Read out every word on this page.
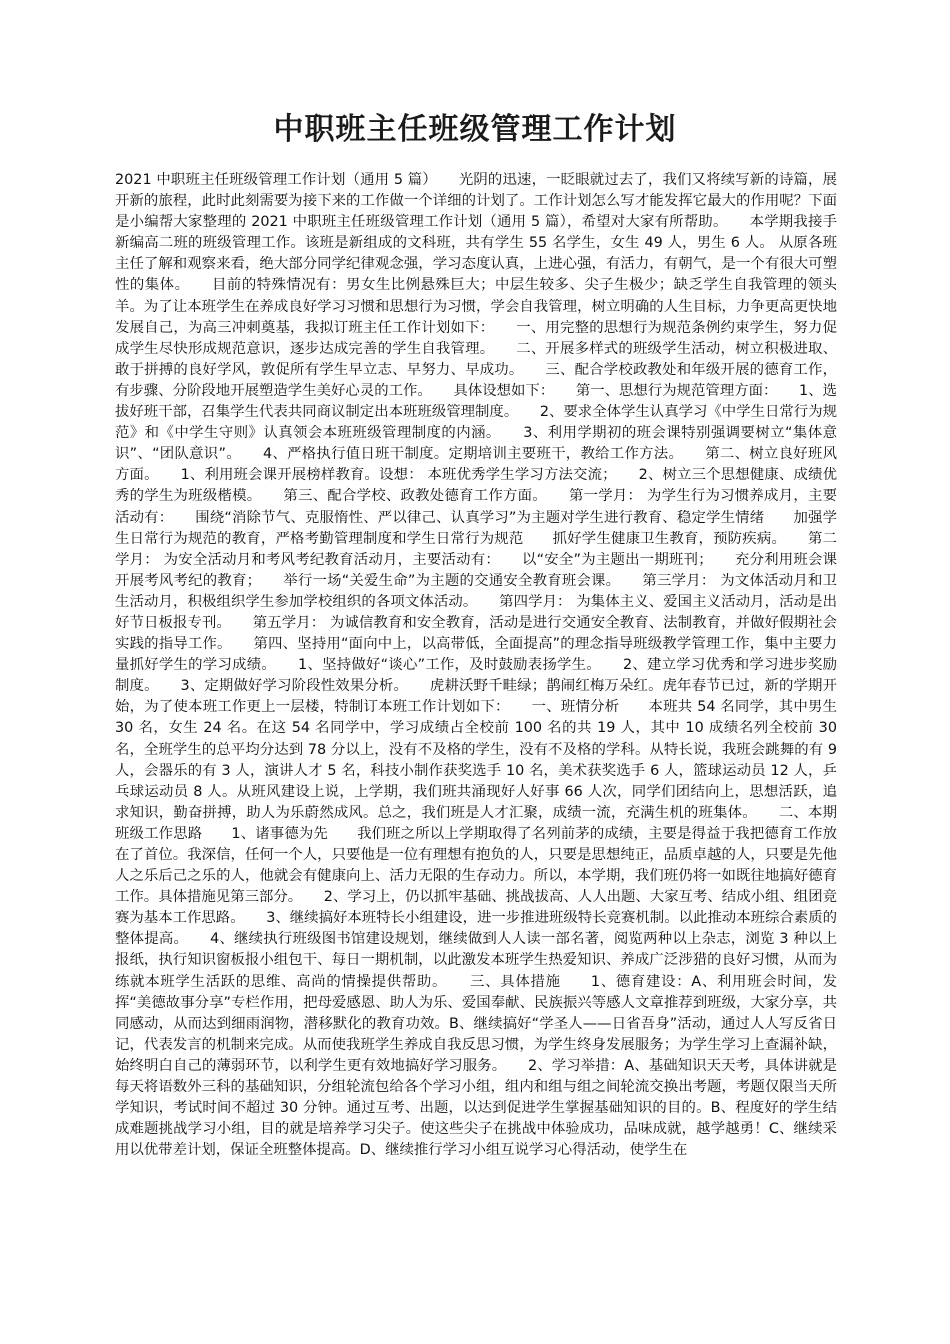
中职班主任班级管理工作计划
2021 中职班主任班级管理工作计划（通用 5 篇）　　光阴的迅速，一眨眼就过去了，我们又将续写新的诗篇，展开新的旅程，此时此刻需要为接下来的工作做一个详细的计划了。工作计划怎么写才能发挥它最大的作用呢？下面是小编帮大家整理的 2021 中职班主任班级管理工作计划（通用 5 篇），希望对大家有所帮助。　　本学期我接手新编高二班的班级管理工作。该班是新组成的文科班，共有学生 55 名学生，女生 49 人，男生 6 人。 从原各班主任了解和观察来看，绝大部分同学纪律观念强，学习态度认真，上进心强，有活力，有朝气，是一个有很大可塑性的集体。　　目前的特殊情况有：男女生比例悬殊巨大；中层生较多、尖子生极少；缺乏学生自我管理的领头羊。为了让本班学生在养成良好学习习惯和思想行为习惯，学会自我管理，树立明确的人生目标，力争更高更快地发展自己，为高三冲刺奠基，我拟订班主任工作计划如下：　　一、用完整的思想行为规范条例约束学生，努力促成学生尽快形成规范意识，逐步达成完善的学生自我管理。　　二、开展多样式的班级学生活动，树立积极进取、敢于拼搏的良好学风，敦促所有学生早立志、早努力、早成功。　　三、配合学校政教处和年级开展的德育工作，有步骤、分阶段地开展塑造学生美好心灵的工作。　　具体设想如下：　　第一、思想行为规范管理方面：　　1、选拔好班干部，召集学生代表共同商议制定出本班班级管理制度。　　2、要求全体学生认真学习《中学生日常行为规范》和《中学生守则》认真领会本班班级管理制度的内涵。　　3、利用学期初的班会课特别强调要树立“集体意识”、“团队意识”。　　4、严格执行值日班干制度。定期培训主要班干，教给工作方法。　　第二、树立良好班风方面。　　1、利用班会课开展榜样教育。设想： 本班优秀学生学习方法交流；　　2、树立三个思想健康、成绩优秀的学生为班级楷模。　　第三、配合学校、政教处德育工作方面。　　第一学月： 为学生行为习惯养成月，主要活动有：　　围绕“消除节气、克服惰性、严以律己、认真学习”为主题对学生进行教育、稳定学生情绪　　加强学生日常行为规范的教育，严格考勤管理制度和学生日常行为规范　　抓好学生健康卫生教育，预防疾病。　　第二学月： 为安全活动月和考风考纪教育活动月，主要活动有：　　以“安全”为主题出一期班刊；　　充分利用班会课开展考风考纪的教育；　　举行一场“关爱生命”为主题的交通安全教育班会课。　　第三学月： 为文体活动月和卫生活动月，积极组织学生参加学校组织的各项文体活动。　　第四学月： 为集体主义、爱国主义活动月，活动是出好节日板报专刊。　　第五学月： 为诚信教育和安全教育，活动是进行交通安全教育、法制教育，并做好假期社会实践的指导工作。　　第四、坚持用“面向中上，以高带低，全面提高”的理念指导班级教学管理工作，集中主要力量抓好学生的学习成绩。　　1、坚持做好“谈心”工作，及时鼓励表扬学生。　　2、建立学习优秀和学习进步奖励制度。　　3、定期做好学习阶段性效果分析。　　虎耕沃野千畦绿；鹊闹红梅万朵红。虎年春节已过，新的学期开始，为了使本班工作更上一层楼，特制订本班工作计划如下：　　一、班情分析　　本班共 54 名同学，其中男生 30 名，女生 24 名。在这 54 名同学中，学习成绩占全校前 100 名的共 19 人，其中 10 成绩名列全校前 30 名，全班学生的总平均分达到 78 分以上，没有不及格的学生，没有不及格的学科。从特长说，我班会跳舞的有 9 人，会器乐的有 3 人，演讲人才 5 名，科技小制作获奖选手 10 名，美术获奖选手 6 人，篮球运动员 12 人，乒乓球运动员 8 人。从班风建设上说，上学期，我们班共涌现好人好事 66 人次，同学们团结向上，思想活跃，追求知识，勤奋拼搏，助人为乐蔚然成风。总之，我们班是人才汇聚，成绩一流，充满生机的班集体。　　二、本期班级工作思路　　1、诸事德为先　　我们班之所以上学期取得了名列前茅的成绩，主要是得益于我把德育工作放在了首位。我深信，任何一个人，只要他是一位有理想有抱负的人，只要是思想纯正，品质卓越的人，只要是先他人之乐后己之乐的人，他就会有健康向上、活力无限的生存动力。所以，本学期，我们班仍将一如既往地搞好德育工作。具体措施见第三部分。　　2、学习上，仍以抓牢基础、挑战拔高、人人出题、大家互考、结成小组、组团竞赛为基本工作思路。　　3、继续搞好本班特长小组建设，进一步推进班级特长竞赛机制。以此推动本班综合素质的整体提高。　　4、继续执行班级图书馆建设规划，继续做到人人读一部名著，阅览两种以上杂志，浏览 3 种以上报纸，执行知识窗板报小组包干、每日一期机制，以此激发本班学生热爱知识、养成广泛涉猎的良好习惯，从而为练就本班学生活跃的思维、高尚的情操提供帮助。　　三、具体措施　　1、德育建设：A、利用班会时间，发挥“美德故事分享”专栏作用，把母爱感恩、助人为乐、爱国奉献、民族振兴等感人文章推荐到班级，大家分享，共同感动，从而达到细雨润物，潜移默化的教育功效。B、继续搞好“学圣人——日省吾身”活动，通过人人写反省日记，代表发言的机制来完成。从而使我班学生养成自我反思习惯，为学生终身发展服务；为学生学习上查漏补缺，始终明白自己的薄弱环节，以利学生更有效地搞好学习服务。　　2、学习举措：A、基础知识天天考，具体讲就是每天将语数外三科的基础知识，分组轮流包给各个学习小组，组内和组与组之间轮流交换出考题，考题仅限当天所学知识，考试时间不超过 30 分钟。通过互考、出题，以达到促进学生掌握基础知识的目的。B、程度好的学生结成难题挑战学习小组，目的就是培养学习尖子。使这些尖子在挑战中体验成功，品味成就，越学越勇！C、继续采用以优带差计划，保证全班整体提高。D、继续推行学习小组互说学习心得活动，使学生在
